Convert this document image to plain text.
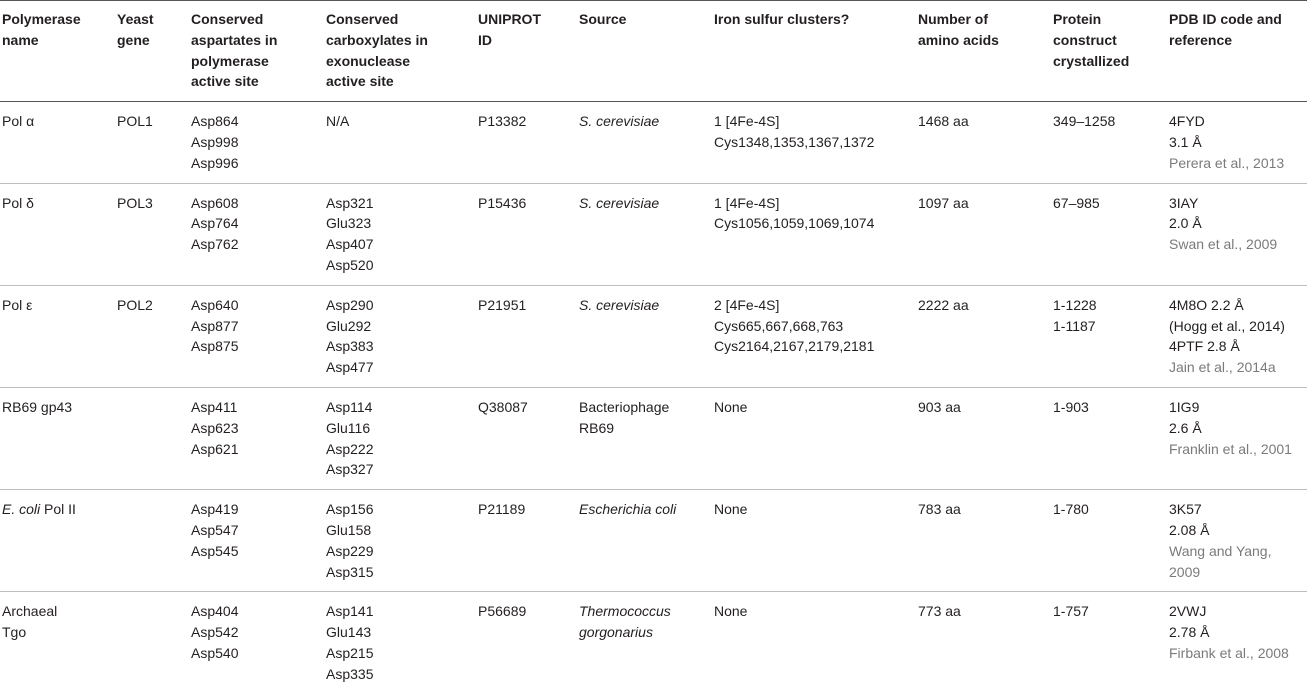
Polymerase
name	Yeast
gene	Conserved
aspartates in
polymerase
active site	Conserved
carboxylates in
exonuclease
active site	UNIPROT
ID	Source	Iron sulfur clusters?	Number of
amino acids	Protein
construct
crystallized	PDB ID code and
reference

Pol α	POL1	Asp864
Asp998
Asp996	N/A	P13382	S. cerevisiae	1 [4Fe-4S]
Cys1348,1353,1367,1372	1468 aa	349–1258	4FYD
3.1 Å
Perera et al., 2013

Pol δ	POL3	Asp608
Asp764
Asp762	Asp321
Glu323
Asp407
Asp520	P15436	S. cerevisiae	1 [4Fe-4S]
Cys1056,1059,1069,1074	1097 aa	67–985	3IAY
2.0 Å
Swan et al., 2009

Pol ε	POL2	Asp640
Asp877
Asp875	Asp290
Glu292
Asp383
Asp477	P21951	S. cerevisiae	2 [4Fe-4S]
Cys665,667,668,763
Cys2164,2167,2179,2181	2222 aa	1-1228
1-1187	4M8O 2.2 Å
(Hogg et al., 2014)
4PTF 2.8 Å
Jain et al., 2014a

RB69 gp43		Asp411
Asp623
Asp621	Asp114
Glu116
Asp222
Asp327	Q38087	Bacteriophage
RB69	None	903 aa	1-903	1IG9
2.6 Å
Franklin et al., 2001

E. coli Pol II		Asp419
Asp547
Asp545	Asp156
Glu158
Asp229
Asp315	P21189	Escherichia coli	None	783 aa	1-780	3K57
2.08 Å
Wang and Yang,
2009

Archaeal
Tgo		Asp404
Asp542
Asp540	Asp141
Glu143
Asp215
Asp335	P56689	Thermococcus
gorgonarius	None	773 aa	1-757	2VWJ
2.78 Å
Firbank et al., 2008
